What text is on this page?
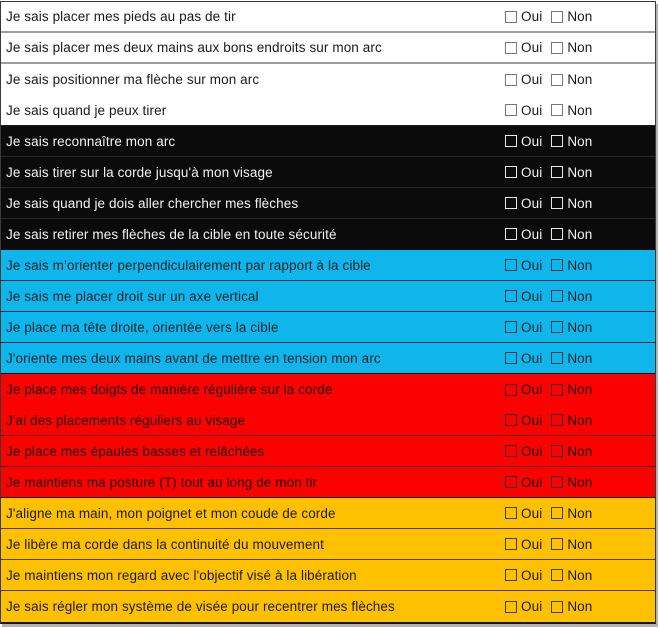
Je sais placer mes pieds au pas de tir	Oui Non
Je sais placer mes deux mains aux bons endroits sur mon arc	Oui Non
Je sais positionner ma flèche sur mon arc	Oui Non
Je sais quand je peux tirer	Oui Non
Je sais reconnaître mon arc	Oui Non
Je sais tirer sur la corde jusqu'à mon visage	Oui Non
Je sais quand je dois aller chercher mes flèches	Oui Non
Je sais retirer mes flèches de la cible en toute sécurité	Oui Non
Je sais m’orienter perpendiculairement par rapport à la cible	Oui Non
Je sais me placer droit sur un axe vertical	Oui Non
Je place ma tête droite, orientée vers la cible	Oui Non
J'oriente mes deux mains avant de mettre en tension mon arc	Oui Non
Je place mes doigts de manière régulière sur la corde	Oui Non
J'ai des placements réguliers au visage	Oui Non
Je place mes épaules basses et relâchées	Oui Non
Je maintiens ma posture (T) tout au long de mon tir	Oui Non
J'aligne ma main, mon poignet et mon coude de corde	Oui Non
Je libère ma corde dans la continuité du mouvement	Oui Non
Je maintiens mon regard avec l'objectif visé à la libération	Oui Non
Je sais régler mon système de visée pour recentrer mes flèches	Oui Non
